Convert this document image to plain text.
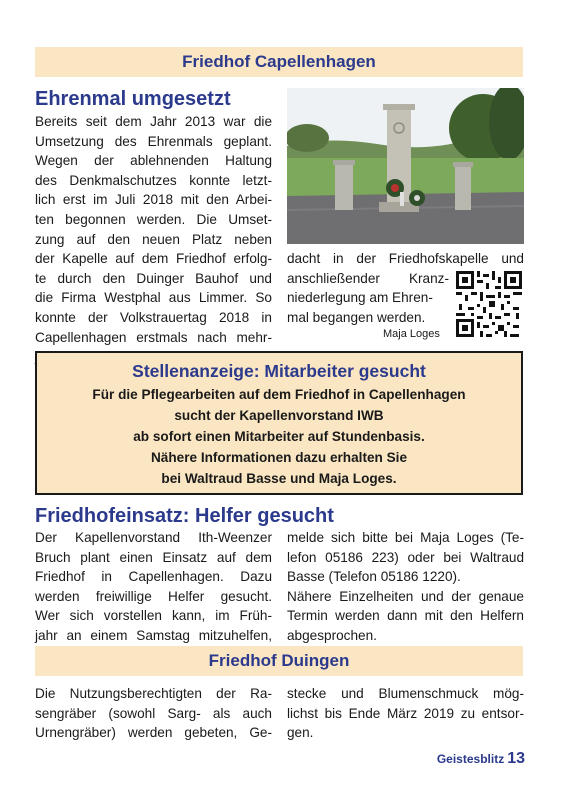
Friedhof Capellenhagen
Ehrenmal umgesetzt
Bereits seit dem Jahr 2013 war die
Umsetzung des Ehrenmals geplant.
Wegen der ablehnenden Haltung
des Denkmalschutzes konnte letzt-
lich erst im Juli 2018 mit den Arbei-
ten begonnen werden. Die Umset-
zung auf den neuen Platz neben
der Kapelle auf dem Friedhof erfolg-
te durch den Duinger Bauhof und
die Firma Westphal aus Limmer. So
konnte der Volkstrauertag 2018 in
Capellenhagen erstmals nach mehr-
dacht in der Friedhofskapelle und
anschließender Kranz-
niederlegung am Ehren-
mal begangen werden.
Maja Loges
Stellenanzeige: Mitarbeiter gesucht
Für die Pflegearbeiten auf dem Friedhof in Capellenhagen
sucht der Kapellenvorstand IWB
ab sofort einen Mitarbeiter auf Stundenbasis.
Nähere Informationen dazu erhalten Sie
bei Waltraud Basse und Maja Loges.
Friedhofeinsatz: Helfer gesucht
Der Kapellenvorstand Ith-Weenzer
Bruch plant einen Einsatz auf dem
Friedhof in Capellenhagen. Dazu
werden freiwillige Helfer gesucht.
Wer sich vorstellen kann, im Früh-
jahr an einem Samstag mitzuhelfen,
melde sich bitte bei Maja Loges (Te-
lefon 05186 223) oder bei Waltraud
Basse (Telefon 05186 1220).
Nähere Einzelheiten und der genaue
Termin werden dann mit den Helfern
abgesprochen.
Friedhof Duingen
Die Nutzungsberechtigten der Ra-
sengräber (sowohl Sarg- als auch
Urnengräber) werden gebeten, Ge-
stecke und Blumenschmuck mög-
lichst bis Ende März 2019 zu entsor-
gen.
Geistesblitz 13
